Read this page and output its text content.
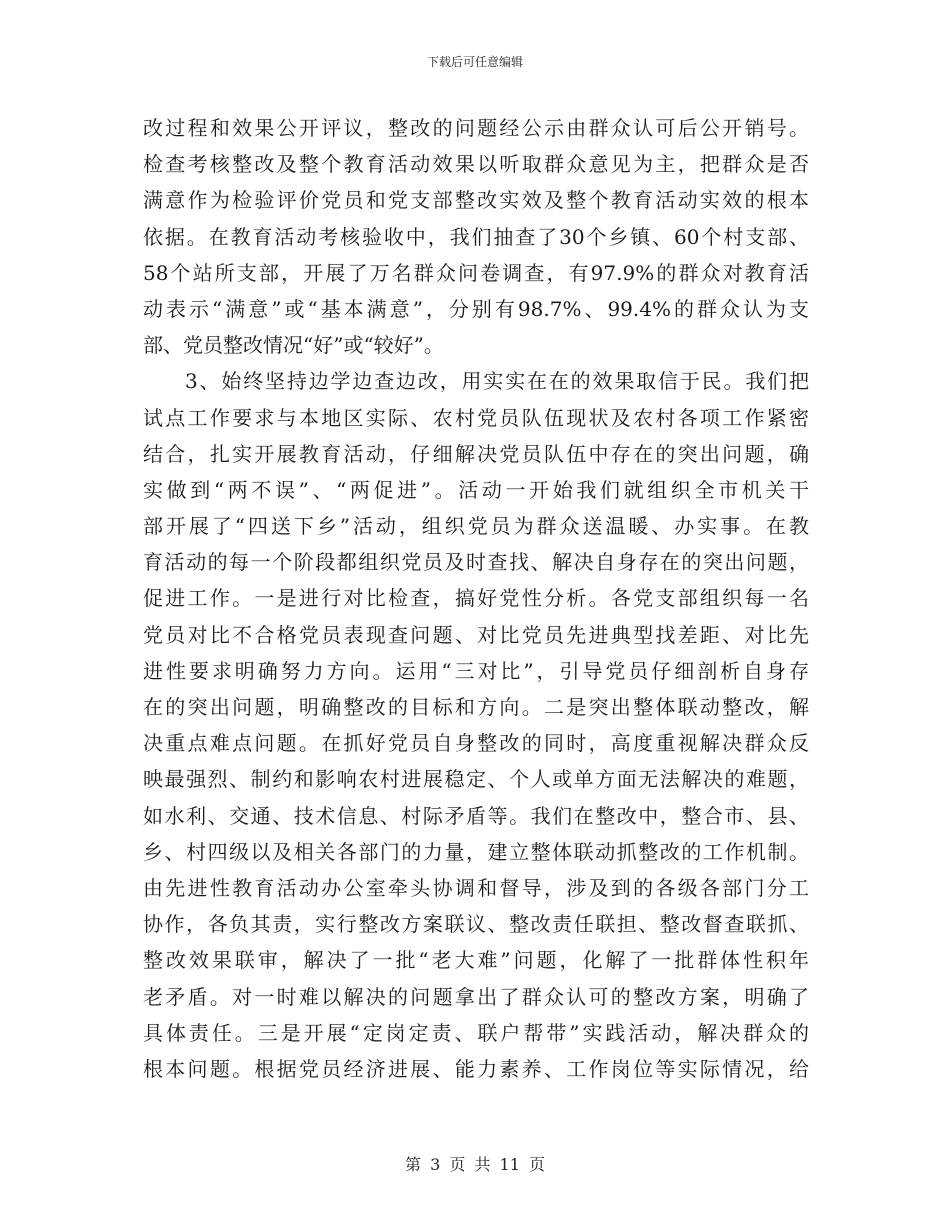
下载后可任意编辑
改过程和效果公开评议，整改的问题经公示由群众认可后公开销号。
检查考核整改及整个教育活动效果以听取群众意见为主，把群众是否
满意作为检验评价党员和党支部整改实效及整个教育活动实效的根本
依据。在教育活动考核验收中，我们抽查了30个乡镇、60个村支部、
58个站所支部，开展了万名群众问卷调查，有97.9%的群众对教育活
动表示“满意”或“基本满意”，分别有98.7%、99.4%的群众认为支
部、党员整改情况“好”或“较好”。
3、始终坚持边学边查边改，用实实在在的效果取信于民。我们把
试点工作要求与本地区实际、农村党员队伍现状及农村各项工作紧密
结合，扎实开展教育活动，仔细解决党员队伍中存在的突出问题，确
实做到“两不误”、“两促进”。活动一开始我们就组织全市机关干
部开展了“四送下乡”活动，组织党员为群众送温暖、办实事。在教
育活动的每一个阶段都组织党员及时查找、解决自身存在的突出问题，
促进工作。一是进行对比检查，搞好党性分析。各党支部组织每一名
党员对比不合格党员表现查问题、对比党员先进典型找差距、对比先
进性要求明确努力方向。运用“三对比”，引导党员仔细剖析自身存
在的突出问题，明确整改的目标和方向。二是突出整体联动整改，解
决重点难点问题。在抓好党员自身整改的同时，高度重视解决群众反
映最强烈、制约和影响农村进展稳定、个人或单方面无法解决的难题，
如水利、交通、技术信息、村际矛盾等。我们在整改中，整合市、县、
乡、村四级以及相关各部门的力量，建立整体联动抓整改的工作机制。
由先进性教育活动办公室牵头协调和督导，涉及到的各级各部门分工
协作，各负其责，实行整改方案联议、整改责任联担、整改督查联抓、
整改效果联审，解决了一批“老大难”问题，化解了一批群体性积年
老矛盾。对一时难以解决的问题拿出了群众认可的整改方案，明确了
具体责任。三是开展“定岗定责、联户帮带”实践活动，解决群众的
根本问题。根据党员经济进展、能力素养、工作岗位等实际情况，给
第 3 页 共 11 页
